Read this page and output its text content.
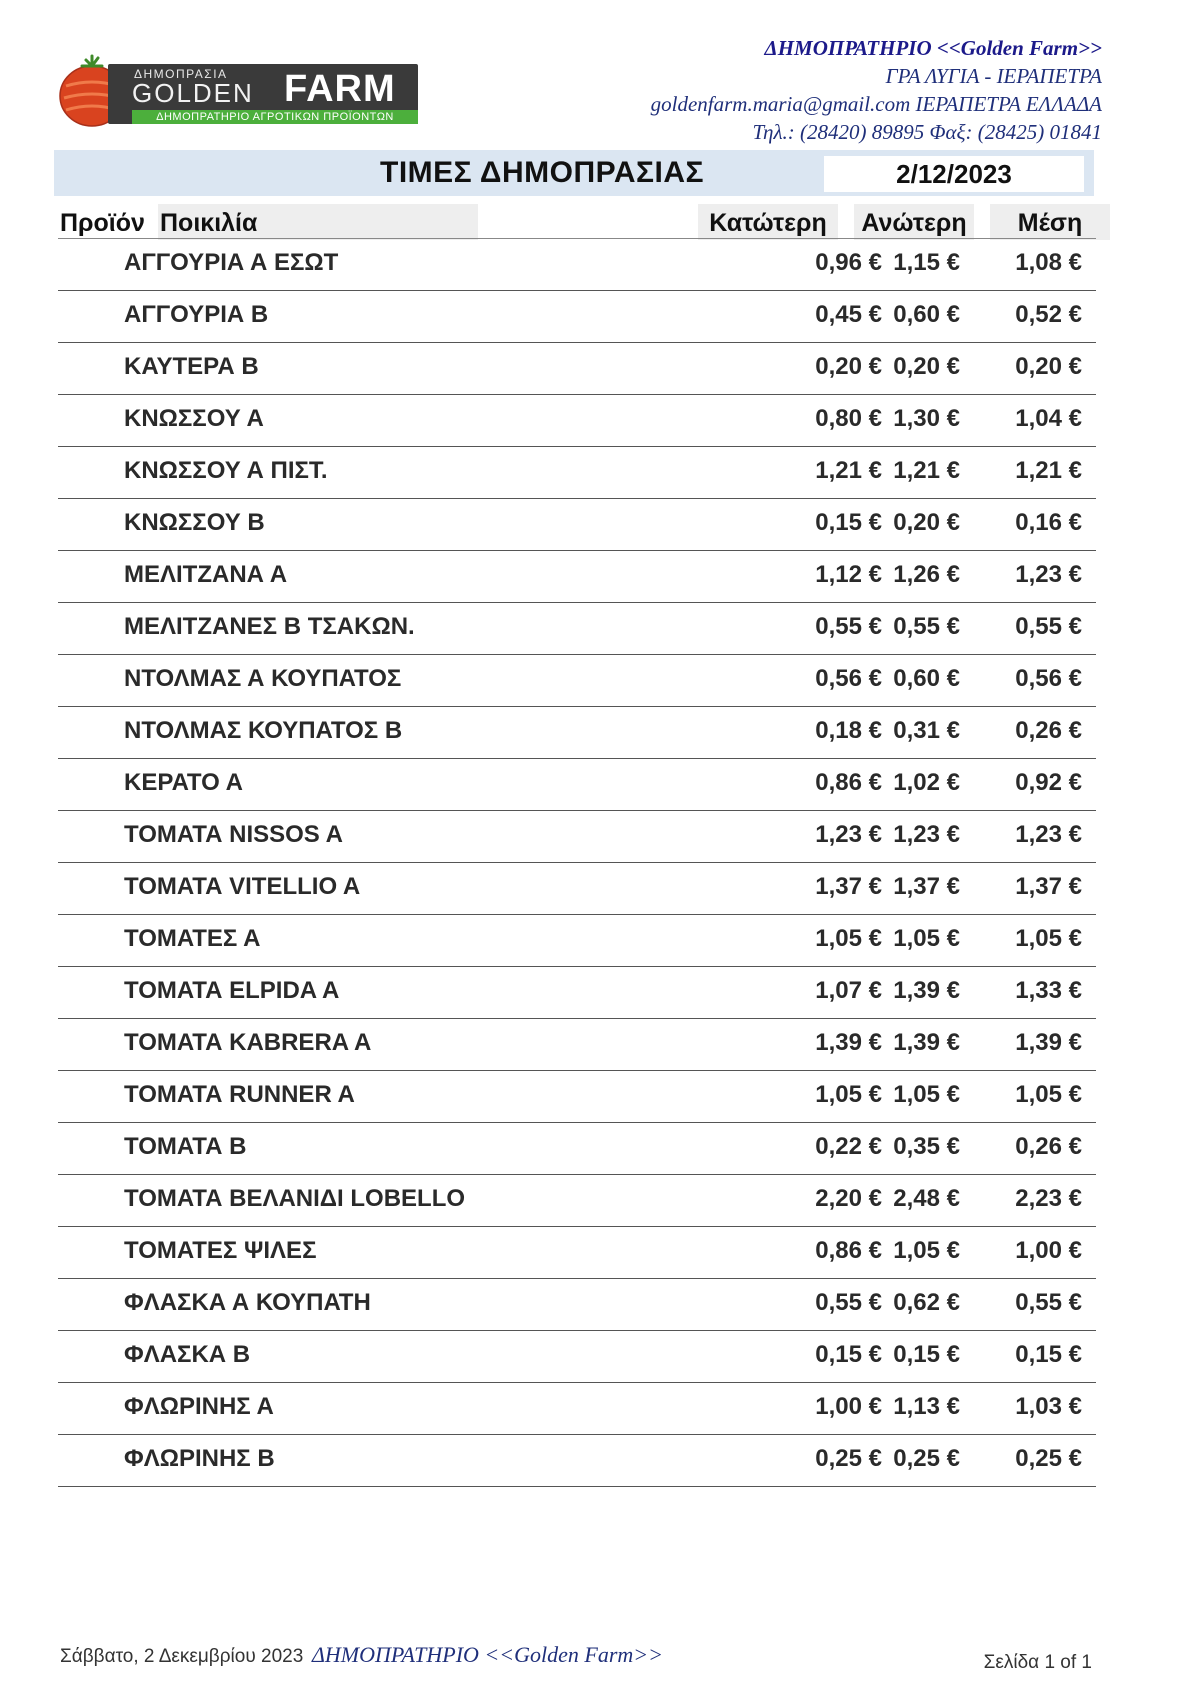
ΔΗΜΟΠΡΑΣΙΑ
GOLDEN FARM
ΔΗΜΟΠΡΑΤΗΡΙΟ ΑΓΡΟΤΙΚΩΝ ΠΡΟΪΟΝΤΩΝ
ΔΗΜΟΠΡΑΤΗΡΙΟ <<Golden Farm>>
ΓΡΑ ΛΥΓΙΑ - ΙΕΡΑΠΕΤΡΑ
goldenfarm.maria@gmail.com ΙΕΡΑΠΕΤΡΑ ΕΛΛΑΔΑ
Τηλ.: (28420) 89895 Φαξ: (28425) 01841
ΤΙΜΕΣ ΔΗΜΟΠΡΑΣΙΑΣ	2/12/2023
Προϊόν Ποικιλία	Κατώτερη	Ανώτερη	Μέση
ΑΓΓΟΥΡΙΑ Α ΕΣΩΤ	0,96 € 1,15 € 1,08 €
ΑΓΓΟΥΡΙΑ Β	0,45 € 0,60 € 0,52 €
ΚΑΥΤΕΡΑ Β	0,20 € 0,20 € 0,20 €
ΚΝΩΣΣΟΥ Α	0,80 € 1,30 € 1,04 €
ΚΝΩΣΣΟΥ Α ΠΙΣΤ.	1,21 € 1,21 € 1,21 €
ΚΝΩΣΣΟΥ Β	0,15 € 0,20 € 0,16 €
ΜΕΛΙΤΖΑΝΑ Α	1,12 € 1,26 € 1,23 €
ΜΕΛΙΤΖΑΝΕΣ Β ΤΣΑΚΩΝ.	0,55 € 0,55 € 0,55 €
ΝΤΟΛΜΑΣ Α ΚΟΥΠΑΤΟΣ	0,56 € 0,60 € 0,56 €
ΝΤΟΛΜΑΣ ΚΟΥΠΑΤΟΣ Β	0,18 € 0,31 € 0,26 €
ΚΕΡΑΤΟ Α	0,86 € 1,02 € 0,92 €
ΤΟΜΑΤΑ NISSOS A	1,23 € 1,23 € 1,23 €
ΤΟΜΑΤΑ VITELLIO A	1,37 € 1,37 € 1,37 €
ΤΟΜΑΤΕΣ Α	1,05 € 1,05 € 1,05 €
ΤΟΜΑΤΑ ELPIDA A	1,07 € 1,39 € 1,33 €
ΤΟΜΑΤΑ KABRERA A	1,39 € 1,39 € 1,39 €
ΤΟΜΑΤΑ RUNNER A	1,05 € 1,05 € 1,05 €
ΤΟΜΑΤΑ Β	0,22 € 0,35 € 0,26 €
ΤΟΜΑΤΑ ΒΕΛΑΝΙΔΙ LOBELLO	2,20 € 2,48 € 2,23 €
ΤΟΜΑΤΕΣ ΨΙΛΕΣ	0,86 € 1,05 € 1,00 €
ΦΛΑΣΚΑ Α ΚΟΥΠΑΤΗ	0,55 € 0,62 € 0,55 €
ΦΛΑΣΚΑ Β	0,15 € 0,15 € 0,15 €
ΦΛΩΡΙΝΗΣ Α	1,00 € 1,13 € 1,03 €
ΦΛΩΡΙΝΗΣ Β	0,25 € 0,25 € 0,25 €
Σάββατο, 2 Δεκεμβρίου 2023 ΔΗΜΟΠΡΑΤΗΡΙΟ <<Golden Farm>>	Σελίδα 1 of 1
